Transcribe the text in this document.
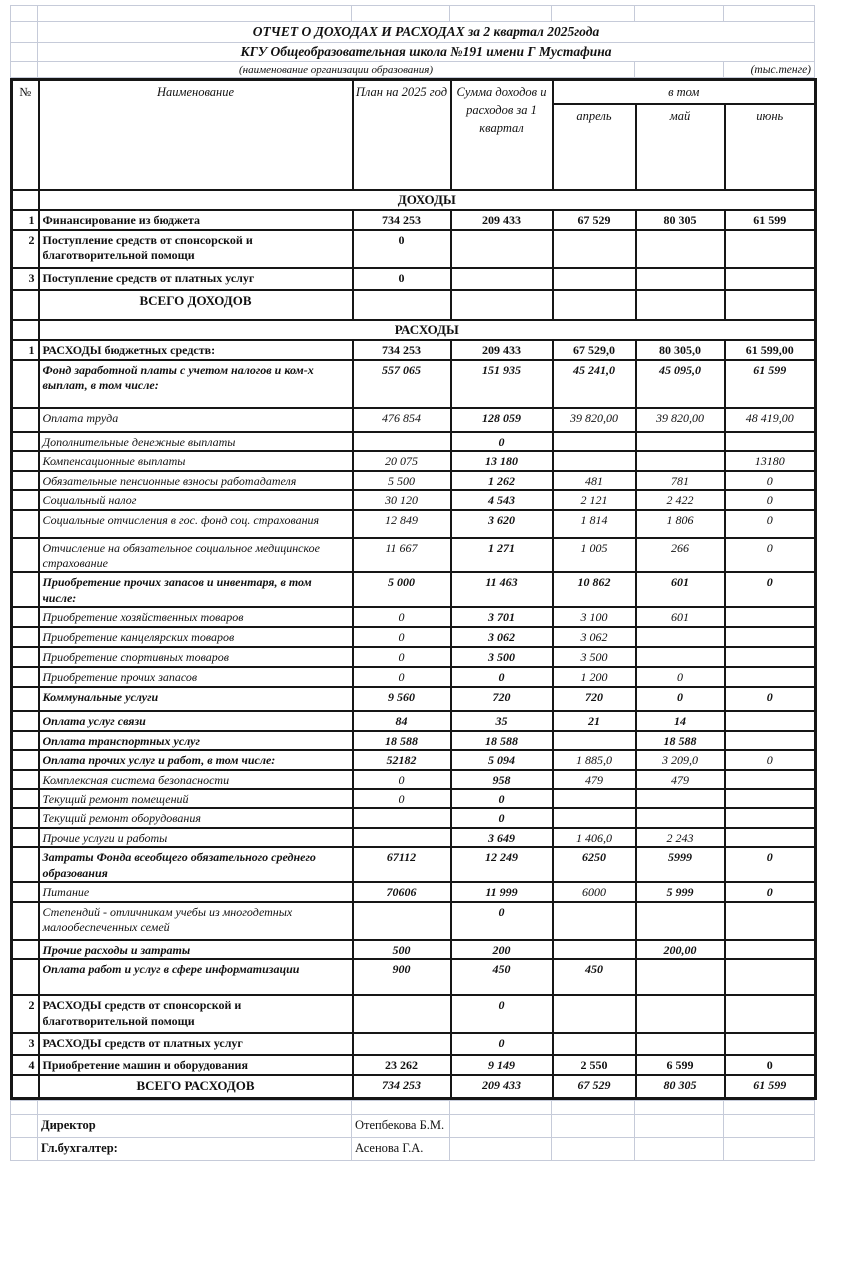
	ОТЧЕТ О ДОХОДАХ И РАСХОДАХ за 2 квартал 2025года					
	КГУ Общеобразовательная школа №191 имени Г Мустафина					
	(наименование организации образования)					(тыс.тенге)
№	Наименование	План на 2025 год	Сумма доходов и расходов за 1 квартал	в том		
				апрель	май	июнь
	ДОХОДЫ					
1	Финансирование из бюджета	734 253	209 433	67 529	80 305	61 599
2	Поступление средств от спонсорской и благотворительной помощи	0				
3	Поступление средств от платных услуг	0				
	ВСЕГО ДОХОДОВ					
	РАСХОДЫ					
1	РАСХОДЫ бюджетных средств:	734 253	209 433	67 529,0	80 305,0	61 599,00
	Фонд заработной платы с учетом налогов и ком-х выплат, в том числе:	557 065	151 935	45 241,0	45 095,0	61 599
	Оплата труда	476 854	128 059	39 820,00	39 820,00	48 419,00
	Дополнительные денежные выплаты		0			
	Компенсационные выплаты	20 075	13 180			13180
	Обязательные пенсионные взносы работадателя	5 500	1 262	481	781	0
	Социальный налог	30 120	4 543	2 121	2 422	0
	Социальные отчисления в гос. фонд соц. страхования	12 849	3 620	1 814	1 806	0
	Отчисление на обязательное социальное медицинское страхование	11 667	1 271	1 005	266	0
	Приобретение прочих запасов и инвентаря, в том числе:	5 000	11 463	10 862	601	0
	Приобретение хозяйственных товаров	0	3 701	3 100	601	
	Приобретение канцелярских товаров	0	3 062	3 062		
	Приобретение спортивных товаров	0	3 500	3 500		
	Приобретение прочих запасов	0	0	1 200	0	
	Коммунальные услуги	9 560	720	720	0	0
	Оплата услуг связи	84	35	21	14	
	Оплата транспортных услуг	18 588	18 588		18 588	
	Оплата прочих услуг и работ, в том числе:	52182	5 094	1 885,0	3 209,0	0
	Комплексная система безопасности	0	958	479	479	
	Текущий ремонт помещений	0	0			
	Текущий ремонт оборудования		0			
	Прочие услуги и работы		3 649	1 406,0	2 243	
	Затраты Фонда всеобщего обязательного среднего образования	67112	12 249	6250	5999	0
	Питание	70606	11 999	6000	5 999	0
	Степендий - отличникам учебы из многодетных малообеспеченных семей		0			
	Прочие расходы и затраты	500	200		200,00	
	Оплата работ и услуг в сфере информатизации	900	450	450		
2	РАСХОДЫ средств от спонсорской и благотворительной помощи		0			
3	РАСХОДЫ средств от платных услуг		0			
4	Приобретение машин и оборудования	23 262	9 149	2 550	6 599	0
	ВСЕГО РАСХОДОВ	734 253	209 433	67 529	80 305	61 599

	Директор	Отепбекова Б.М.				
	Гл.бухгалтер:	Асенова Г.А.				
